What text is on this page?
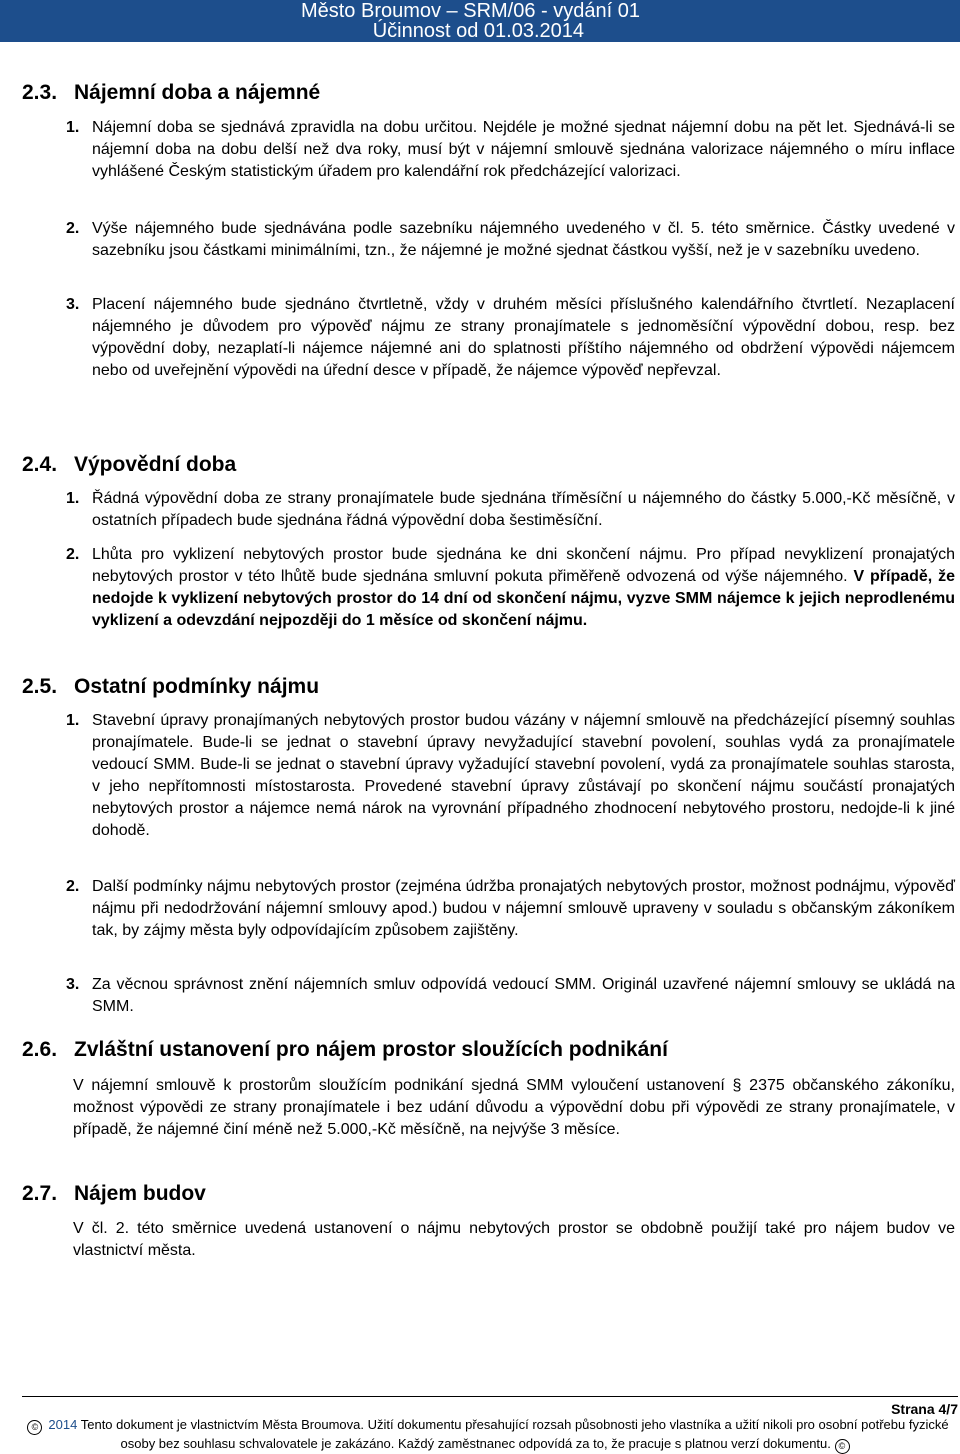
Město Broumov – SRM/06 - vydání 01
Účinnost od 01.03.2014
2.3. Nájemní doba a nájemné
1. Nájemní doba se sjednává zpravidla na dobu určitou. Nejdéle je možné sjednat nájemní dobu na pět let. Sjednává-li se nájemní doba na dobu delší než dva roky, musí být v nájemní smlouvě sjednána valorizace nájemného o míru inflace vyhlášené Českým statistickým úřadem pro kalendářní rok předcházející valorizaci.
2. Výše nájemného bude sjednávána podle sazebníku nájemného uvedeného v čl. 5. této směrnice. Částky uvedené v sazebníku jsou částkami minimálními, tzn., že nájemné je možné sjednat částkou vyšší, než je v sazebníku uvedeno.
3. Placení nájemného bude sjednáno čtvrtletně, vždy v druhém měsíci příslušného kalendářního čtvrtletí. Nezaplacení nájemného je důvodem pro výpověď nájmu ze strany pronajímatele s jednoměsíční výpovědní dobou, resp. bez výpovědní doby, nezaplatí-li nájemce nájemné ani do splatnosti příštího nájemného od obdržení výpovědi nájemcem nebo od uveřejnění výpovědi na úřední desce v případě, že nájemce výpověď nepřevzal.
2.4. Výpovědní doba
1. Řádná výpovědní doba ze strany pronajímatele bude sjednána tříměsíční u nájemného do částky 5.000,-Kč měsíčně, v ostatních případech bude sjednána řádná výpovědní doba šestiměsíční.
2. Lhůta pro vyklizení nebytových prostor bude sjednána ke dni skončení nájmu. Pro případ nevyklizení pronajatých nebytových prostor v této lhůtě bude sjednána smluvní pokuta přiměřeně odvozená od výše nájemného. V případě, že nedojde k vyklizení nebytových prostor do 14 dní od skončení nájmu, vyzve SMM nájemce k jejich neprodlenému vyklizení a odevzdání nejpozději do 1 měsíce od skončení nájmu.
2.5. Ostatní podmínky nájmu
1. Stavební úpravy pronajímaných nebytových prostor budou vázány v nájemní smlouvě na předcházející písemný souhlas pronajímatele. Bude-li se jednat o stavební úpravy nevyžadující stavební povolení, souhlas vydá za pronajímatele vedoucí SMM. Bude-li se jednat o stavební úpravy vyžadující stavební povolení, vydá za pronajímatele souhlas starosta, v jeho nepřítomnosti místostarosta. Provedené stavební úpravy zůstávají po skončení nájmu součástí pronajatých nebytových prostor a nájemce nemá nárok na vyrovnání případného zhodnocení nebytového prostoru, nedojde-li k jiné dohodě.
2. Další podmínky nájmu nebytových prostor (zejména údržba pronajatých nebytových prostor, možnost podnájmu, výpověď nájmu při nedodržování nájemní smlouvy apod.) budou v nájemní smlouvě upraveny v souladu s občanským zákoníkem tak, by zájmy města byly odpovídajícím způsobem zajištěny.
3. Za věcnou správnost znění nájemních smluv odpovídá vedoucí SMM. Originál uzavřené nájemní smlouvy se ukládá na SMM.
2.6. Zvláštní ustanovení pro nájem prostor sloužících podnikání
V nájemní smlouvě k prostorům sloužícím podnikání sjedná SMM vyloučení ustanovení § 2375 občanského zákoníku, možnost výpovědi ze strany pronajímatele i bez udání důvodu a výpovědní dobu při výpovědi ze strany pronajímatele, v případě, že nájemné činí méně než 5.000,-Kč měsíčně, na nejvýše 3 měsíce.
2.7. Nájem budov
V čl. 2. této směrnice uvedená ustanovení o nájmu nebytových prostor se obdobně použijí také pro nájem budov ve vlastnictví města.
Strana 4/7
© 2014 Tento dokument je vlastnictvím Města Broumova. Užití dokumentu přesahující rozsah působnosti jeho vlastníka a užití nikoli pro osobní potřebu fyzické osoby bez souhlasu schvalovatele je zakázáno. Každý zaměstnanec odpovídá za to, že pracuje s platnou verzí dokumentu. ©
